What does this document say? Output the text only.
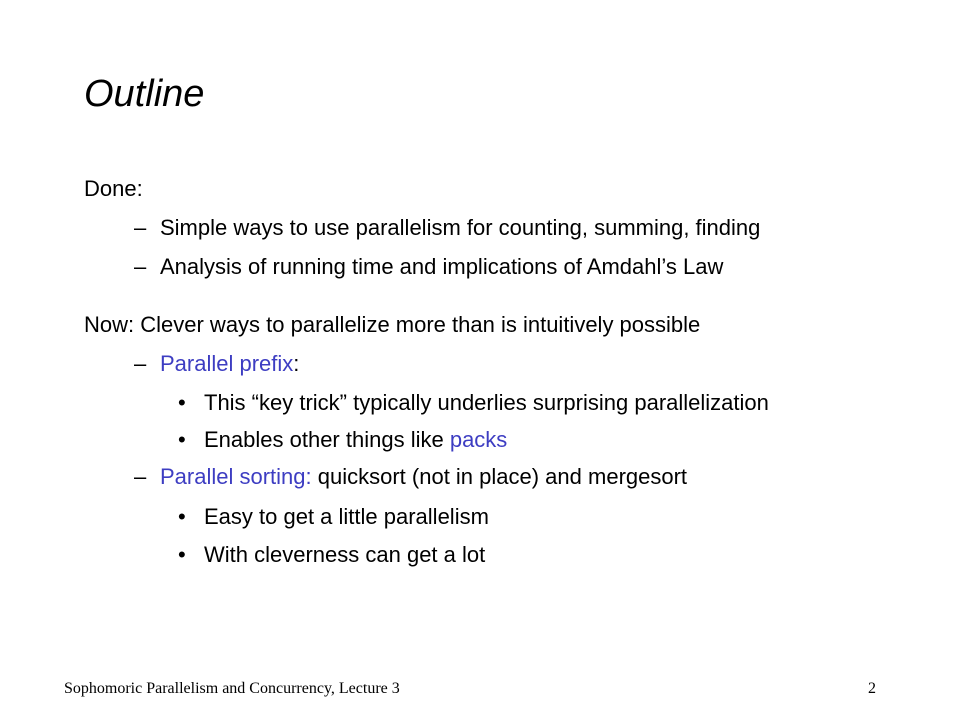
Outline
Done:
– Simple ways to use parallelism for counting, summing, finding
– Analysis of running time and implications of Amdahl’s Law
Now: Clever ways to parallelize more than is intuitively possible
– Parallel prefix:
• This “key trick” typically underlies surprising parallelization
• Enables other things like packs
– Parallel sorting: quicksort (not in place) and mergesort
• Easy to get a little parallelism
• With cleverness can get a lot
Sophomoric Parallelism and Concurrency, Lecture 3	2
